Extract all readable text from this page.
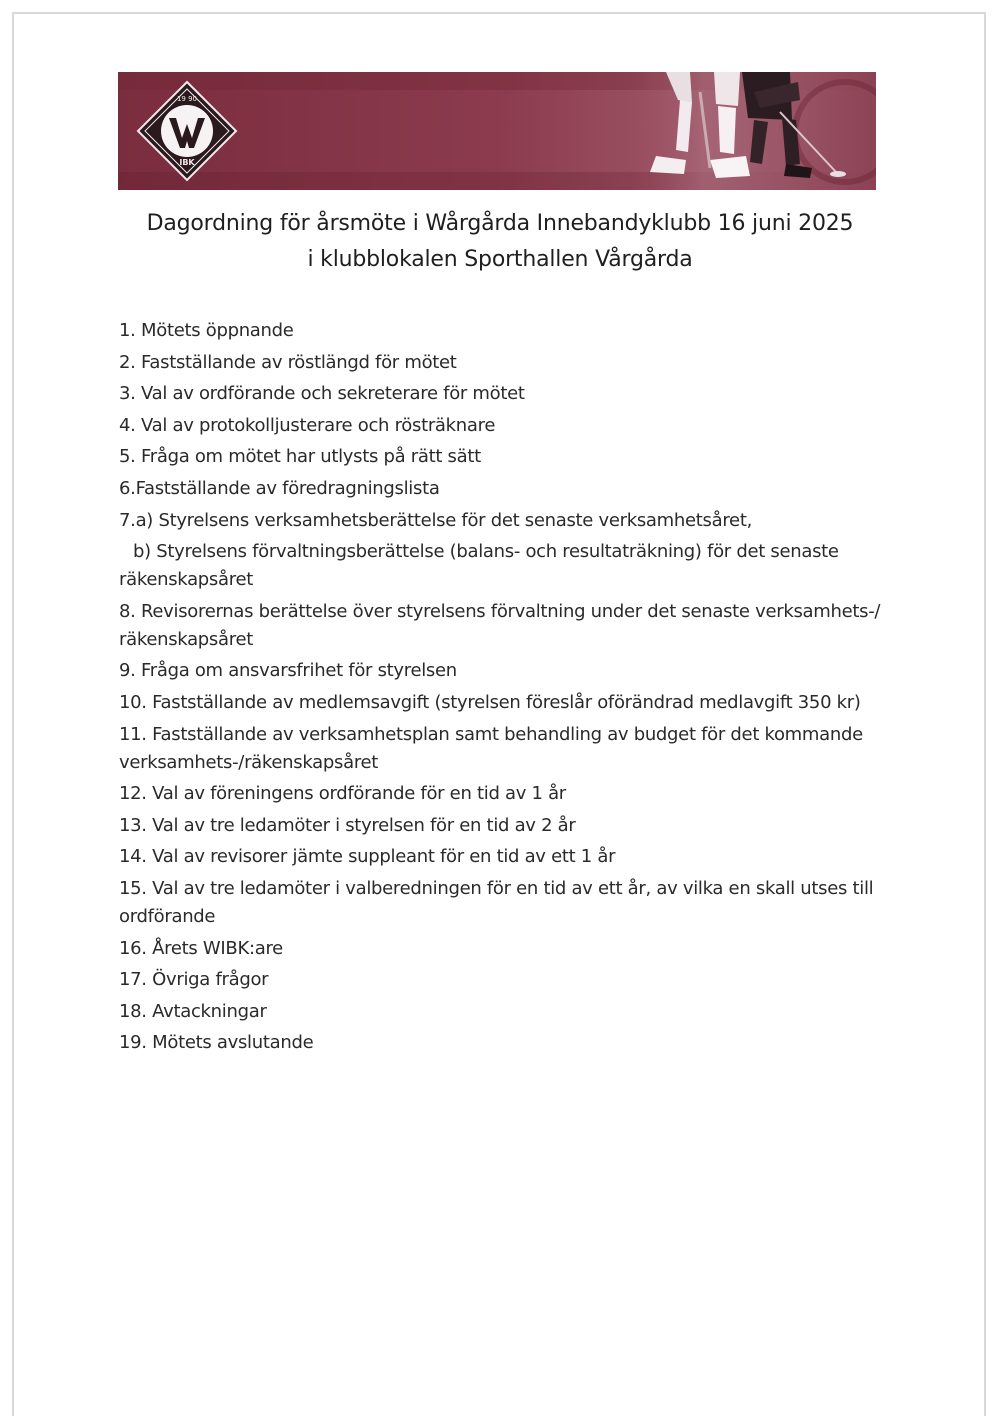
19 90
IBK
Dagordning för årsmöte i Wårgårda Innebandyklubb 16 juni 2025
i klubblokalen Sporthallen Vårgårda
1. Mötets öppnande
2. Fastställande av röstlängd för mötet
3. Val av ordförande och sekreterare för mötet
4. Val av protokolljusterare och rösträknare
5. Fråga om mötet har utlysts på rätt sätt
6.Fastställande av föredragningslista
7.a) Styrelsens verksamhetsberättelse för det senaste verksamhetsåret,
b) Styrelsens förvaltningsberättelse (balans- och resultaträkning) för det senaste
räkenskapsåret
8. Revisorernas berättelse över styrelsens förvaltning under det senaste verksamhets-/
räkenskapsåret
9. Fråga om ansvarsfrihet för styrelsen
10. Fastställande av medlemsavgift (styrelsen föreslår oförändrad medlavgift 350 kr)
11. Fastställande av verksamhetsplan samt behandling av budget för det kommande
verksamhets-/räkenskapsåret
12. Val av föreningens ordförande för en tid av 1 år
13. Val av tre ledamöter i styrelsen för en tid av 2 år
14. Val av revisorer jämte suppleant för en tid av ett 1 år
15. Val av tre ledamöter i valberedningen för en tid av ett år, av vilka en skall utses till
ordförande
16. Årets WIBK:are
17. Övriga frågor
18. Avtackningar
19. Mötets avslutande
